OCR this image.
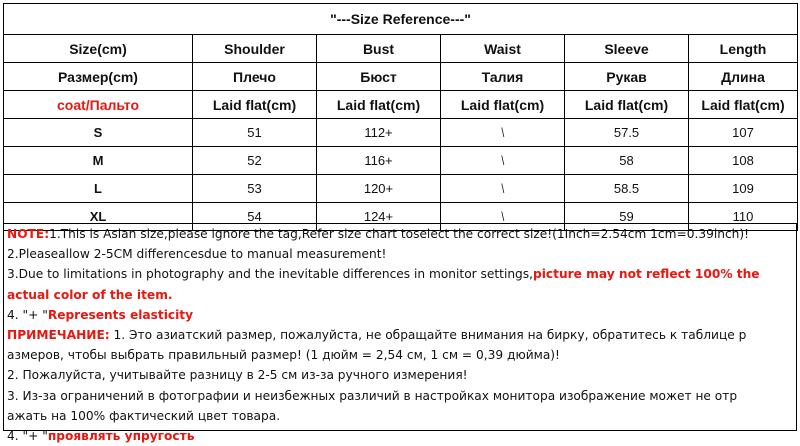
"---Size Reference---"					
Size(cm)	Shoulder	Bust	Waist	Sleeve	Length
Размер(cm)	Плечо	Бюст	Талия	Рукав	Длина
coat/Пальто	Laid flat(cm)	Laid flat(cm)	Laid flat(cm)	Laid flat(cm)	Laid flat(cm)
S	51	112+	\	57.5	107
M	52	116+	\	58	108
L	53	120+	\	58.5	109
XL	54	124+	\	59	110
NOTE:1.This is Asian size,please ignore the tag,Refer size chart toselect the correct size!(1Inch=2.54cm 1cm=0.39inch)!
2.Pleaseallow 2-5CM differencesdue to manual measurement!
3.Due to limitations in photography and the inevitable differences in monitor settings,picture may not reflect 100% the actual color of the item.
4. "+ "Represents elasticity
ПРИМЕЧАНИЕ: 1. Это азиатский размер, пожалуйста, не обращайте внимания на бирку, обратитесь к таблице р
азмеров, чтобы выбрать правильный размер! (1 дюйм = 2,54 см, 1 см = 0,39 дюйма)!
2. Пожалуйста, учитывайте разницу в 2-5 см из-за ручного измерения!
3. Из-за ограничений в фотографии и неизбежных различий в настройках монитора изображение может не отр
ажать на 100% фактический цвет товара.
4. "+ "проявлять упругость
